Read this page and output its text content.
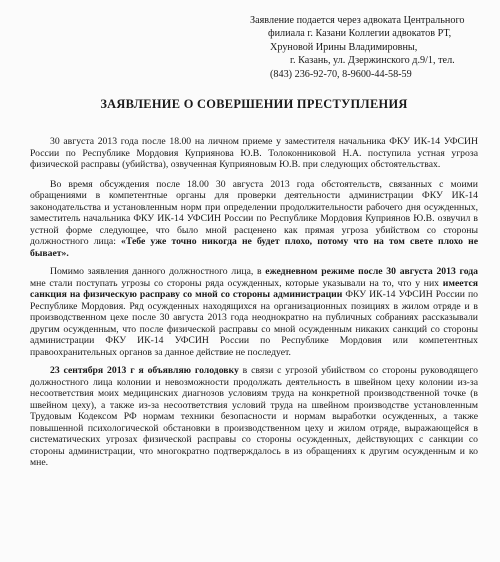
Заявление подается через адвоката Центрального
филиала г. Казани Коллегии адвокатов РТ,
Хруновой Ирины Владимировны,
г. Казань, ул. Дзержинского д.9/1, тел.
(843) 236-92-70, 8-9600-44-58-59
ЗАЯВЛЕНИЕ О СОВЕРШЕНИИ ПРЕСТУПЛЕНИЯ

30 августа 2013 года после 18.00 на личном приеме у заместителя начальника ФКУ ИК-14 УФСИН России по Республике Мордовия Куприянова Ю.В. Толоконниковой Н.А. поступила устная угроза физической расправы (убийства), озвученная Куприяновым Ю.В. при следующих обстоятельствах.

Во время обсуждения после 18.00 30 августа 2013 года обстоятельств, связанных с моими обращениями в компетентные органы для проверки деятельности администрации ФКУ ИК-14 законодательства и установленным норм при определении продолжительности рабочего дня осужденных, заместитель начальника ФКУ ИК-14 УФСИН России по Республике Мордовия Куприянов Ю.В. озвучил в устной форме следующее, что было мной расценено как прямая угроза убийством со стороны должностного лица: «Тебе уже точно никогда не будет плохо, потому что на том свете плохо не бывает».

Помимо заявления данного должностного лица, в ежедневном режиме после 30 августа 2013 года мне стали поступать угрозы со стороны ряда осужденных, которые указывали на то, что у них имеется санкция на физическую расправу со мной со стороны администрации ФКУ ИК-14 УФСИН России по Республике Мордовия. Ряд осужденных находящихся на организационных позициях в жилом отряде и в производственном цехе после 30 августа 2013 года неоднократно на публичных собраниях рассказывали другим осужденным, что после физической расправы со мной осужденным никаких санкций со стороны администрации ФКУ ИК-14 УФСИН России по Республике Мордовия или компетентных правоохранительных органов за данное действие не последует.

23 сентября 2013 г я объявляю голодовку в связи с угрозой убийством со стороны руководящего должностного лица колонии и невозможности продолжать деятельность в швейном цеху колонии из-за несоответствия моих медицинских диагнозов условиям труда на конкретной производственной точке (в швейном цеху), а также из-за несоответствия условий труда на швейном производстве установленным Трудовым Кодексом РФ нормам техники безопасности и нормам выработки осужденных, а также повышенной психологической обстановки в производственном цеху и жилом отряде, выражающейся в систематических угрозах физической расправы со стороны осужденных, действующих с санкции со стороны администрации, что многократно подтверждалось в из обращениях к другим осужденным и ко мне.
